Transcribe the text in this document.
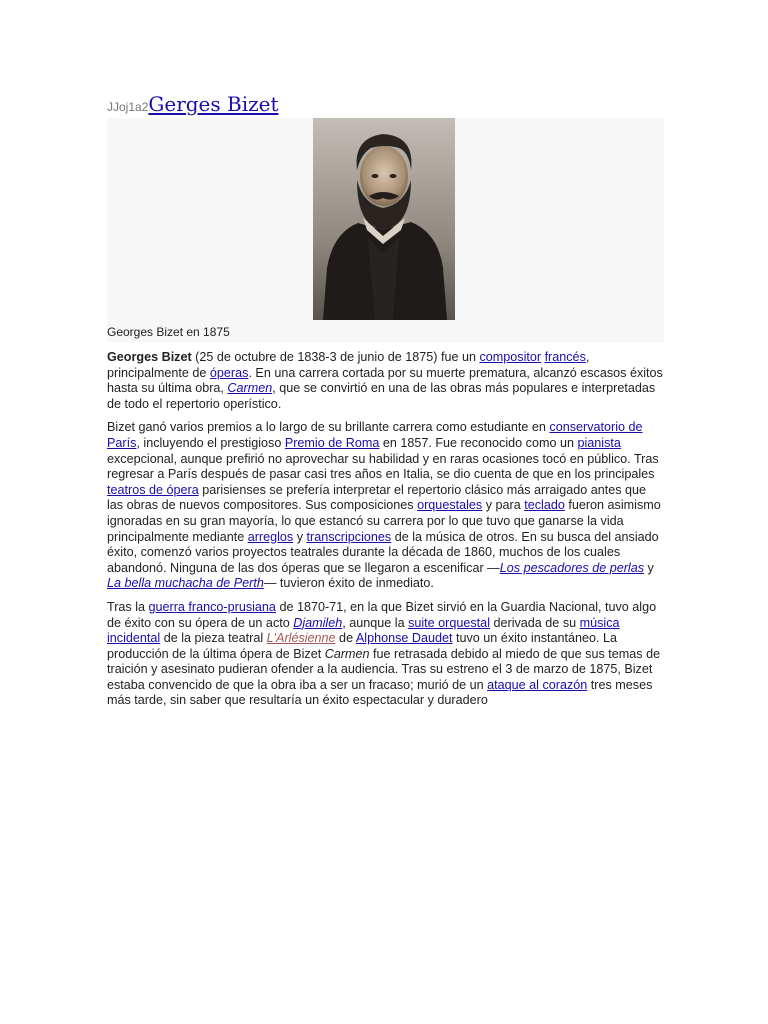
JJoj1a2Gerges Bizet
Georges Bizet en 1875

Georges Bizet (25 de octubre de 1838-3 de junio de 1875) fue un compositor francés, principalmente de óperas. En una carrera cortada por su muerte prematura, alcanzó escasos éxitos hasta su última obra, Carmen, que se convirtió en una de las obras más populares e interpretadas de todo el repertorio operístico.

Bizet ganó varios premios a lo largo de su brillante carrera como estudiante en conservatorio de París, incluyendo el prestigioso Premio de Roma en 1857. Fue reconocido como un pianista excepcional, aunque prefirió no aprovechar su habilidad y en raras ocasiones tocó en público. Tras regresar a París después de pasar casi tres años en Italia, se dio cuenta de que en los principales teatros de ópera parisienses se prefería interpretar el repertorio clásico más arraigado antes que las obras de nuevos compositores. Sus composiciones orquestales y para teclado fueron asimismo ignoradas en su gran mayoría, lo que estancó su carrera por lo que tuvo que ganarse la vida principalmente mediante arreglos y transcripciones de la música de otros. En su busca del ansiado éxito, comenzó varios proyectos teatrales durante la década de 1860, muchos de los cuales abandonó. Ninguna de las dos óperas que se llegaron a escenificar —Los pescadores de perlas y La bella muchacha de Perth— tuvieron éxito de inmediato.

Tras la guerra franco-prusiana de 1870-71, en la que Bizet sirvió en la Guardia Nacional, tuvo algo de éxito con su ópera de un acto Djamileh, aunque la suite orquestal derivada de su música incidental de la pieza teatral L'Arlésienne de Alphonse Daudet tuvo un éxito instantáneo. La producción de la última ópera de Bizet Carmen fue retrasada debido al miedo de que sus temas de traición y asesinato pudieran ofender a la audiencia. Tras su estreno el 3 de marzo de 1875, Bizet estaba convencido de que la obra iba a ser un fracaso; murió de un ataque al corazón tres meses más tarde, sin saber que resultaría un éxito espectacular y duradero
